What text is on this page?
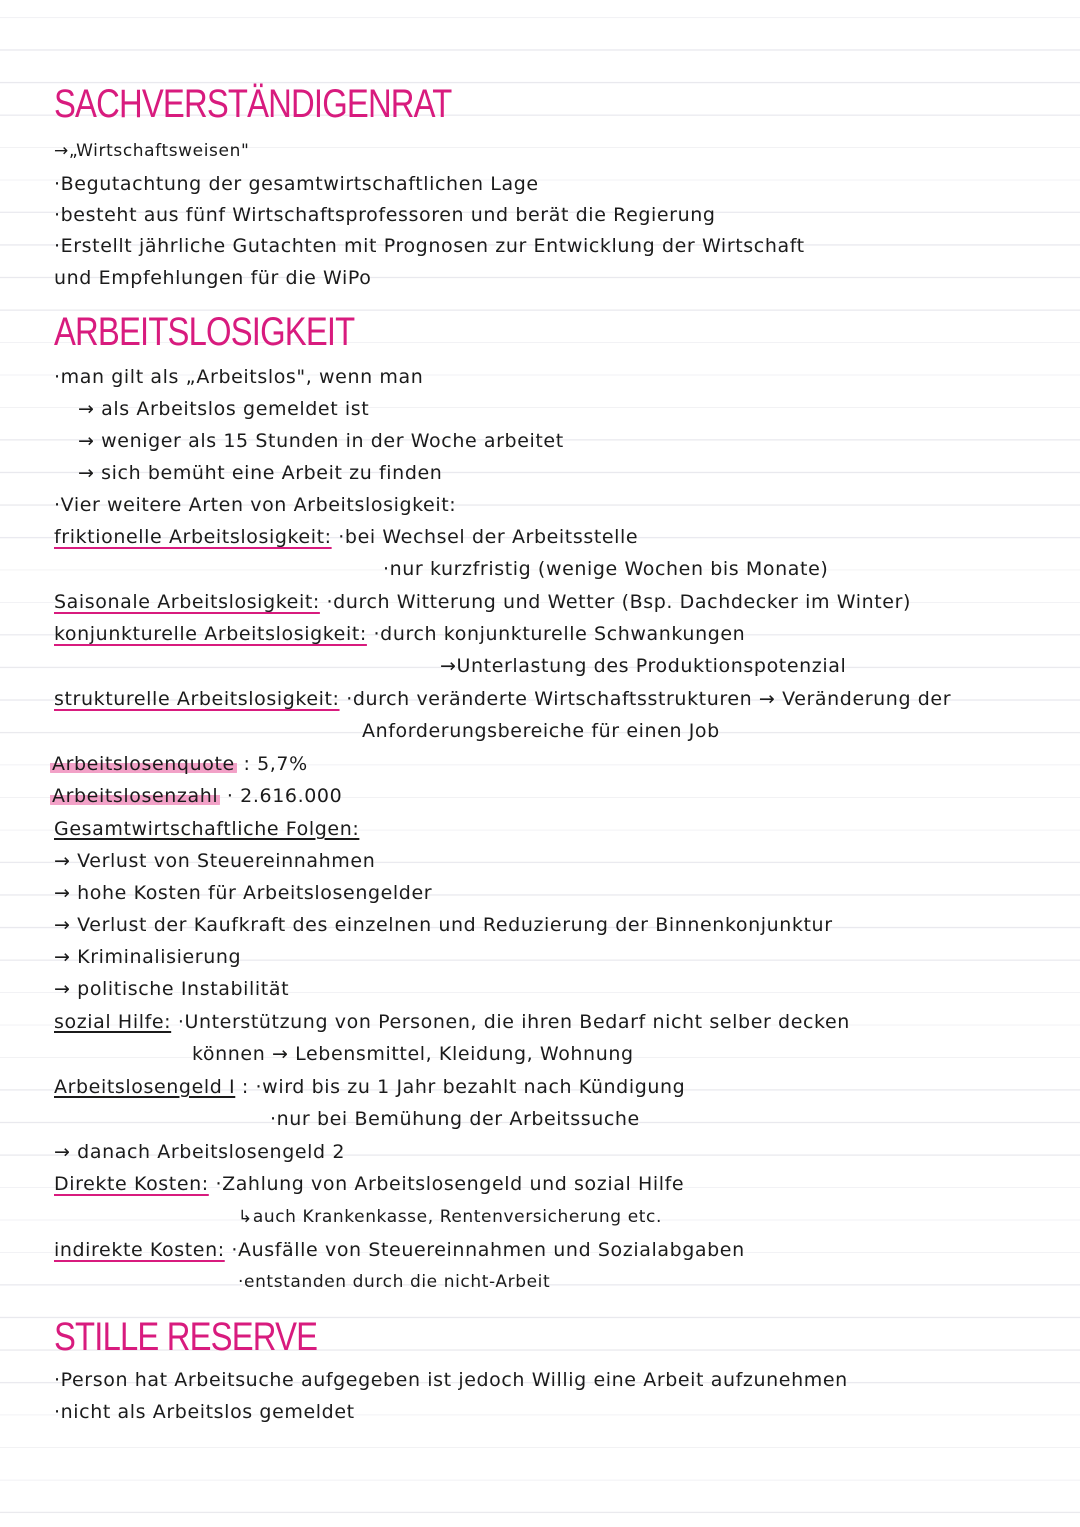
SACHVERSTÄNDIGENRAT
→„Wirtschaftsweisen"
·Begutachtung der gesamtwirtschaftlichen Lage
·besteht aus fünf Wirtschaftsprofessoren und berät die Regierung
·Erstellt jährliche Gutachten mit Prognosen zur Entwicklung der Wirtschaft
und Empfehlungen für die WiPo
ARBEITSLOSIGKEIT
·man gilt als „Arbeitslos", wenn man
→ als Arbeitslos gemeldet ist
→ weniger als 15 Stunden in der Woche arbeitet
→ sich bemüht eine Arbeit zu finden
·Vier weitere Arten von Arbeitslosigkeit:
friktionelle Arbeitslosigkeit: ·bei Wechsel der Arbeitsstelle
·nur kurzfristig (wenige Wochen bis Monate)
Saisonale Arbeitslosigkeit: ·durch Witterung und Wetter (Bsp. Dachdecker im Winter)
konjunkturelle Arbeitslosigkeit: ·durch konjunkturelle Schwankungen
→Unterlastung des Produktionspotenzial
strukturelle Arbeitslosigkeit: ·durch veränderte Wirtschaftsstrukturen → Veränderung der
Anforderungsbereiche für einen Job
Arbeitslosenquote : 5,7%
Arbeitslosenzahl · 2.616.000
Gesamtwirtschaftliche Folgen:
→ Verlust von Steuereinnahmen
→ hohe Kosten für Arbeitslosengelder
→ Verlust der Kaufkraft des einzelnen und Reduzierung der Binnenkonjunktur
→ Kriminalisierung
→ politische Instabilität
sozial Hilfe: ·Unterstützung von Personen, die ihren Bedarf nicht selber decken
können → Lebensmittel, Kleidung, Wohnung
Arbeitslosengeld I : ·wird bis zu 1 Jahr bezahlt nach Kündigung
·nur bei Bemühung der Arbeitssuche
→ danach Arbeitslosengeld 2
Direkte Kosten: ·Zahlung von Arbeitslosengeld und sozial Hilfe
↳auch Krankenkasse, Rentenversicherung etc.
indirekte Kosten: ·Ausfälle von Steuereinnahmen und Sozialabgaben
·entstanden durch die nicht-Arbeit
STILLE RESERVE
·Person hat Arbeitsuche aufgegeben ist jedoch Willig eine Arbeit aufzunehmen
·nicht als Arbeitslos gemeldet
